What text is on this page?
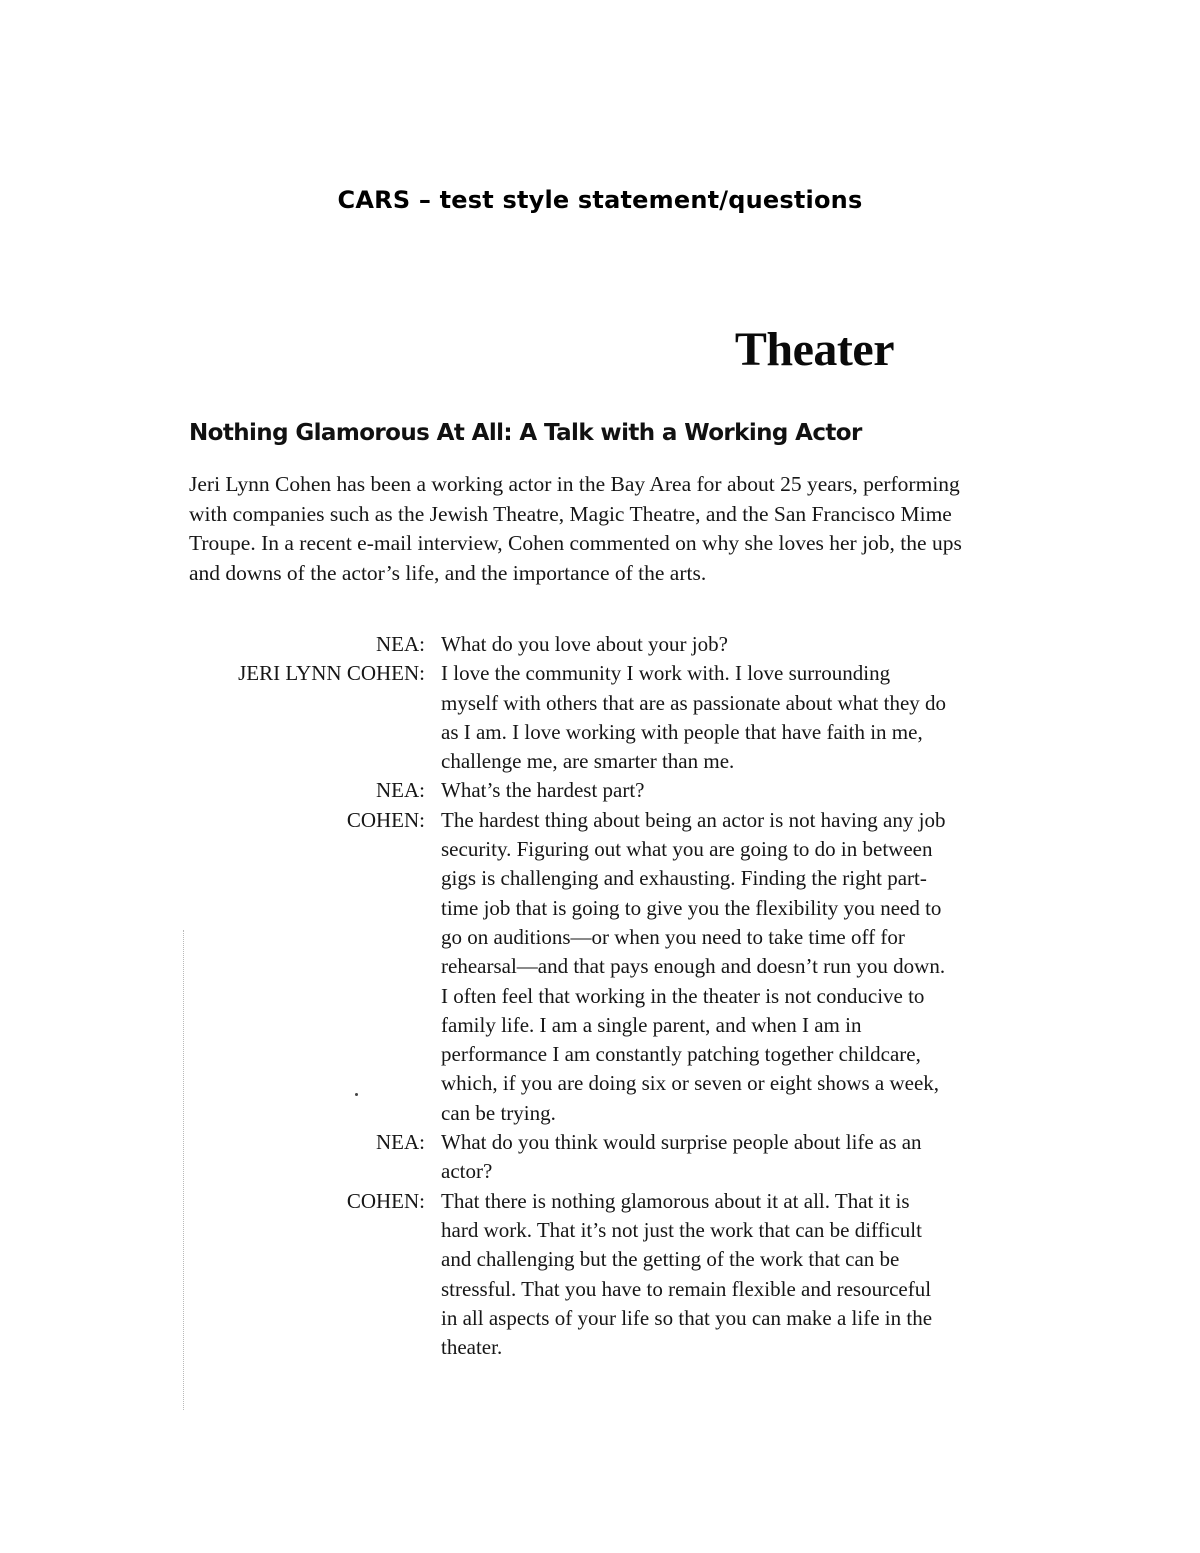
CARS – test style statement/questions
Theater
Nothing Glamorous At All: A Talk with a Working Actor
Jeri Lynn Cohen has been a working actor in the Bay Area for about 25 years, performing with companies such as the Jewish Theatre, Magic Theatre, and the San Francisco Mime Troupe. In a recent e-mail interview, Cohen commented on why she loves her job, the ups and downs of the actor’s life, and the importance of the arts.
NEA: What do you love about your job?
JERI LYNN COHEN: I love the community I work with. I love surrounding myself with others that are as passionate about what they do as I am. I love working with people that have faith in me, challenge me, are smarter than me.
NEA: What’s the hardest part?
COHEN: The hardest thing about being an actor is not having any job security. Figuring out what you are going to do in between gigs is challenging and exhausting. Finding the right part-time job that is going to give you the flexibility you need to go on auditions—or when you need to take time off for rehearsal—and that pays enough and doesn’t run you down. I often feel that working in the theater is not conducive to family life. I am a single parent, and when I am in performance I am constantly patching together childcare, which, if you are doing six or seven or eight shows a week, can be trying.
NEA: What do you think would surprise people about life as an actor?
COHEN: That there is nothing glamorous about it at all. That it is hard work. That it’s not just the work that can be difficult and challenging but the getting of the work that can be stressful. That you have to remain flexible and resourceful in all aspects of your life so that you can make a life in the theater.
